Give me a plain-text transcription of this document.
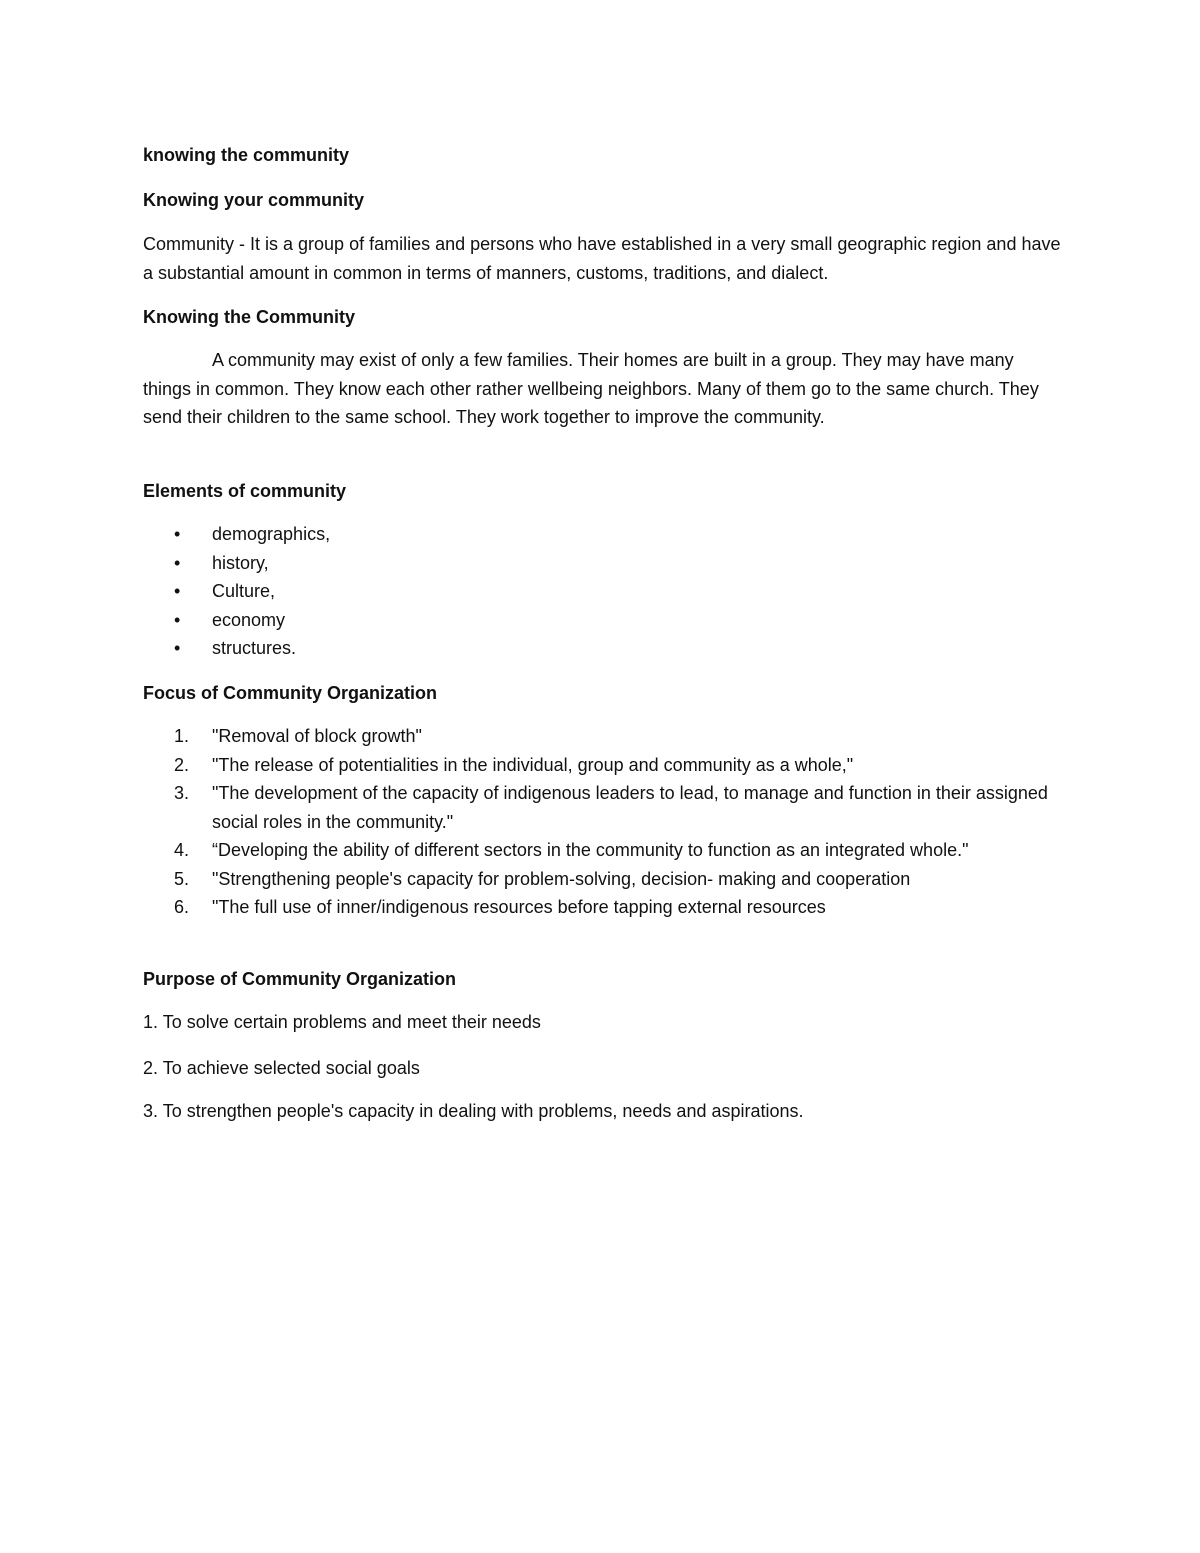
knowing the community

Knowing your community

Community - It is a group of families and persons who have established in a very small geographic region and have a substantial amount in common in terms of manners, customs, traditions, and dialect.

Knowing the Community

A community may exist of only a few families. Their homes are built in a group. They may have many things in common. They know each other rather wellbeing neighbors. Many of them go to the same church. They send their children to the same school. They work together to improve the community.

Elements of community

• demographics,
• history,
• Culture,
• economy
• structures.

Focus of Community Organization

1. "Removal of block growth"
2. "The release of potentialities in the individual, group and community as a whole,"
3. "The development of the capacity of indigenous leaders to lead, to manage and function in their assigned social roles in the community."
4. “Developing the ability of different sectors in the community to function as an integrated whole."
5. "Strengthening people's capacity for problem-solving, decision- making and cooperation
6. "The full use of inner/indigenous resources before tapping external resources

Purpose of Community Organization

1. To solve certain problems and meet their needs

2. To achieve selected social goals

3. To strengthen people's capacity in dealing with problems, needs and aspirations.
